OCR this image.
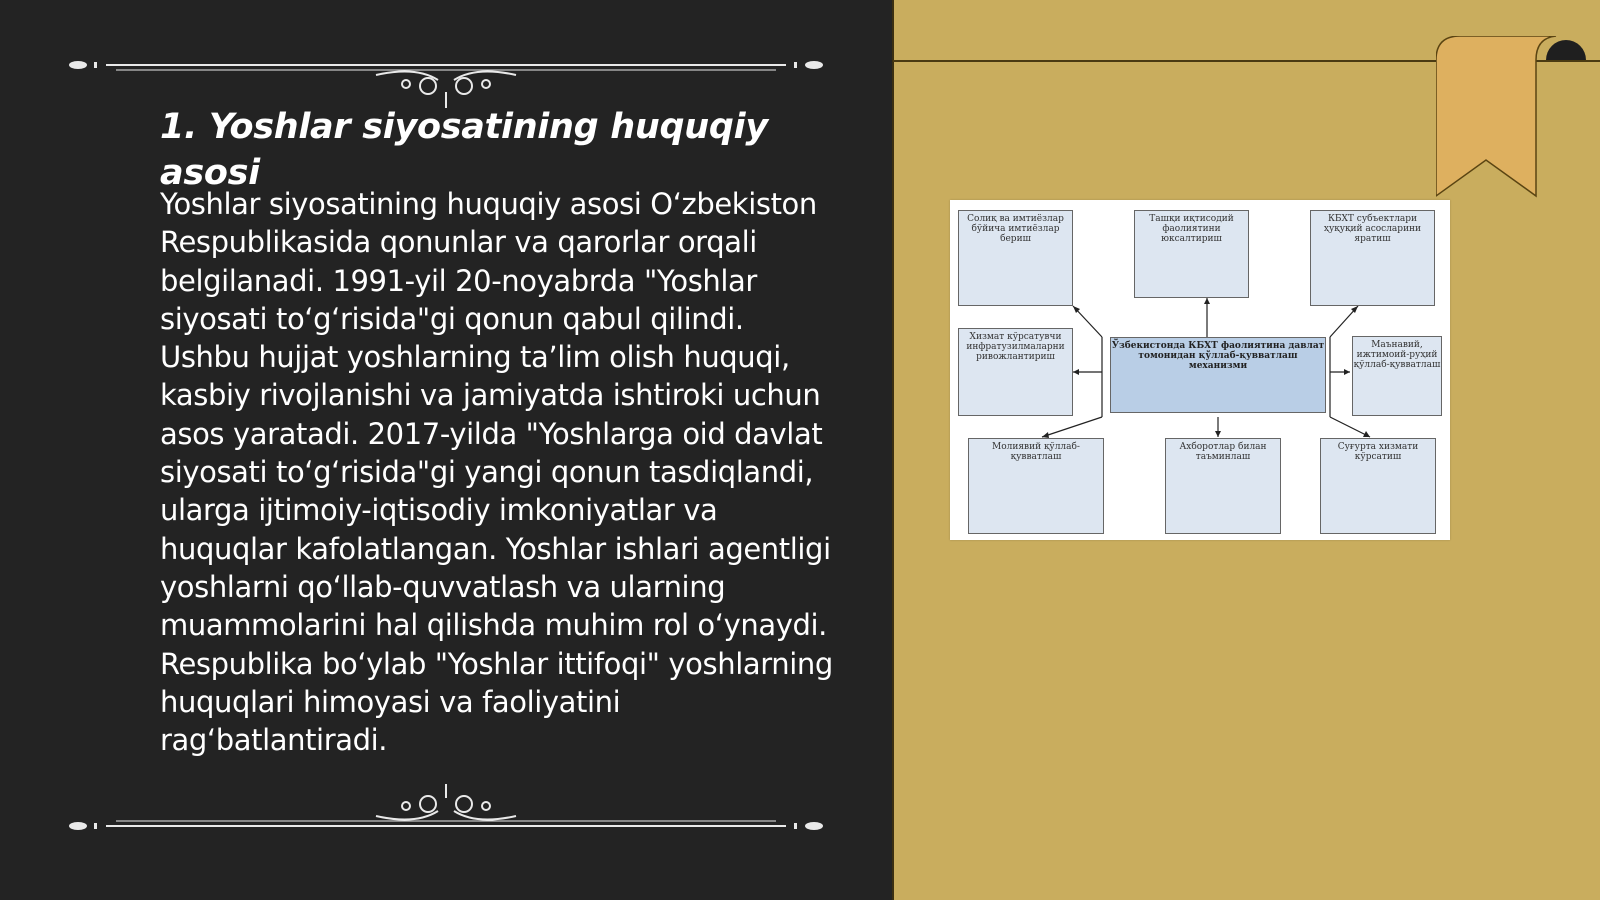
1. Yoshlar siyosatining huquqiy asosi

Yoshlar siyosatining huquqiy asosi O‘zbekiston Respublikasida qonunlar va qarorlar orqali belgilanadi. 1991-yil 20-noyabrda "Yoshlar siyosati to‘g‘risida"gi qonun qabul qilindi. Ushbu hujjat yoshlarning ta’lim olish huquqi, kasbiy rivojlanishi va jamiyatda ishtiroki uchun asos yaratadi. 2017-yilda "Yoshlarga oid davlat siyosati to‘g‘risida"gi yangi qonun tasdiqlandi, ularga ijtimoiy-iqtisodiy imkoniyatlar va huquqlar kafolatlangan. Yoshlar ishlari agentligi yoshlarni qo‘llab-quvvatlash va ularning muammolarini hal qilishda muhim rol o‘ynaydi. Respublika bo‘ylab "Yoshlar ittifoqi" yoshlarning huquqlari himoyasi va faoliyatini rag‘batlantiradi.

Солиқ ва имтиёзлар бўйича имтиёзлар бериш
Ташқи иқтисодий фаолиятини юксалтириш
КБХТ субъектлари ҳуқуқий асосларини яратиш
Хизмат кўрсатувчи инфратузилмаларни ривожлантириш
Ўзбекистонда КБХТ фаолиятина давлат томонидан қўллаб-қувватлаш механизми
Маънавий, ижтимоий-руҳий қўллаб-қувватлаш
Молиявий қўллаб-қувватлаш
Ахборотлар билан таъминлаш
Суғурта хизмати кўрсатиш
